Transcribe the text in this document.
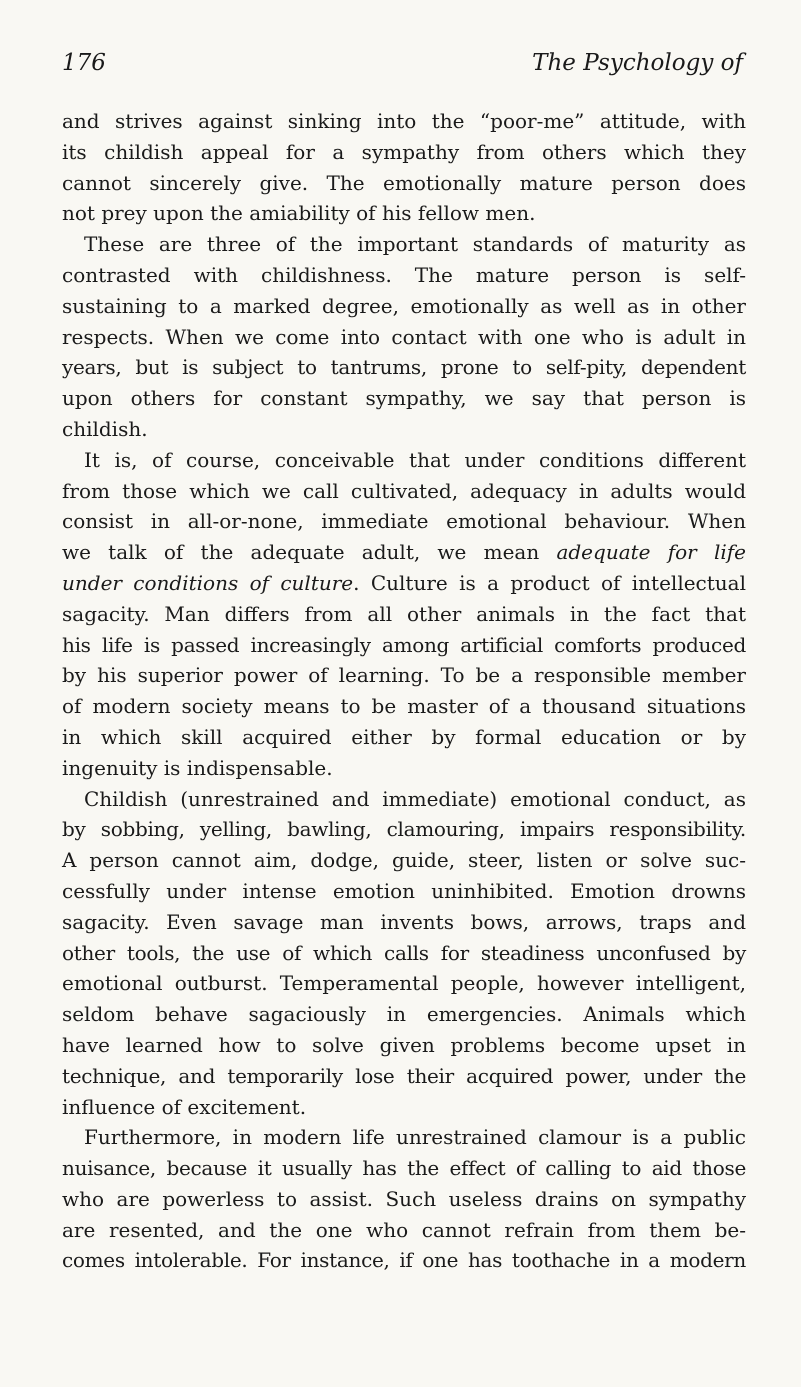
176	The Psychology of
and strives against sinking into the “poor-me” attitude, with
its childish appeal for a sympathy from others which they
cannot sincerely give. The emotionally mature person does
not prey upon the amiability of his fellow men.
These are three of the important standards of maturity as
contrasted with childishness. The mature person is self-
sustaining to a marked degree, emotionally as well as in other
respects. When we come into contact with one who is adult in
years, but is subject to tantrums, prone to self-pity, dependent
upon others for constant sympathy, we say that person is
childish.
It is, of course, conceivable that under conditions different
from those which we call cultivated, adequacy in adults would
consist in all-or-none, immediate emotional behaviour. When
we talk of the adequate adult, we mean adequate for life
under conditions of culture. Culture is a product of intellectual
sagacity. Man differs from all other animals in the fact that
his life is passed increasingly among artificial comforts produced
by his superior power of learning. To be a responsible member
of modern society means to be master of a thousand situations
in which skill acquired either by formal education or by
ingenuity is indispensable.
Childish (unrestrained and immediate) emotional conduct, as
by sobbing, yelling, bawling, clamouring, impairs responsibility.
A person cannot aim, dodge, guide, steer, listen or solve suc-
cessfully under intense emotion uninhibited. Emotion drowns
sagacity. Even savage man invents bows, arrows, traps and
other tools, the use of which calls for steadiness unconfused by
emotional outburst. Temperamental people, however intelligent,
seldom behave sagaciously in emergencies. Animals which
have learned how to solve given problems become upset in
technique, and temporarily lose their acquired power, under the
influence of excitement.
Furthermore, in modern life unrestrained clamour is a public
nuisance, because it usually has the effect of calling to aid those
who are powerless to assist. Such useless drains on sympathy
are resented, and the one who cannot refrain from them be-
comes intolerable. For instance, if one has toothache in a modern
